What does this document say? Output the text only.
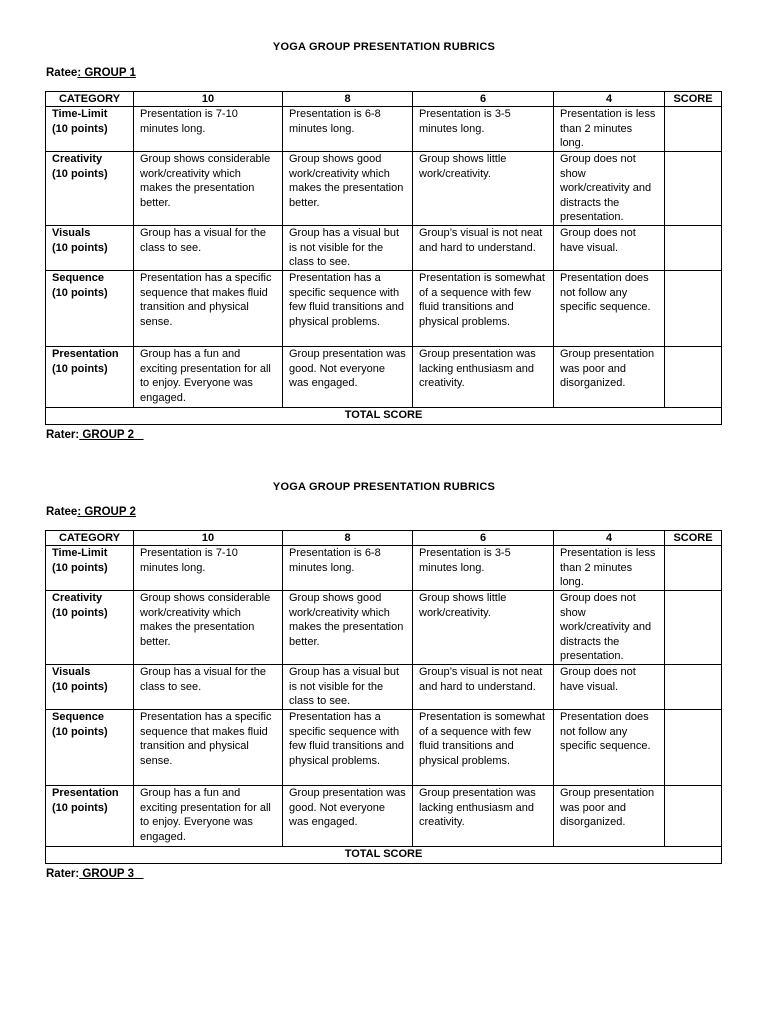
YOGA GROUP PRESENTATION RUBRICS
Ratee: GROUP 1
CATEGORY	10	8	6	4	SCORE
Time-Limit
(10 points)	Presentation is 7-10 minutes long.	Presentation is 6-8 minutes long.	Presentation is 3-5 minutes long.	Presentation is less than 2 minutes long.	
Creativity
(10 points)	Group shows considerable work/creativity which makes the presentation better.	Group shows good work/creativity which makes the presentation better.	Group shows little work/creativity.	Group does not show work/creativity and distracts the presentation.	
Visuals
(10 points)	Group has a visual for the class to see.	Group has a visual but is not visible for the class to see.	Group’s visual is not neat and hard to understand.	Group does not have visual.	
Sequence
(10 points)	Presentation has a specific sequence that makes fluid transition and physical sense.	Presentation has a specific sequence with few fluid transitions and physical problems.	Presentation is somewhat of a sequence with few fluid transitions and physical problems.	Presentation does not follow any specific sequence.	
Presentation
(10 points)	Group has a fun and exciting presentation for all to enjoy. Everyone was engaged.	Group presentation was good. Not everyone was engaged.	Group presentation was lacking enthusiasm and creativity.	Group presentation was poor and disorganized.	
TOTAL SCORE					
Rater: GROUP 2
YOGA GROUP PRESENTATION RUBRICS
Ratee: GROUP 2
CATEGORY	10	8	6	4	SCORE
Time-Limit
(10 points)	Presentation is 7-10 minutes long.	Presentation is 6-8 minutes long.	Presentation is 3-5 minutes long.	Presentation is less than 2 minutes long.	
Creativity
(10 points)	Group shows considerable work/creativity which makes the presentation better.	Group shows good work/creativity which makes the presentation better.	Group shows little work/creativity.	Group does not show work/creativity and distracts the presentation.	
Visuals
(10 points)	Group has a visual for the class to see.	Group has a visual but is not visible for the class to see.	Group’s visual is not neat and hard to understand.	Group does not have visual.	
Sequence
(10 points)	Presentation has a specific sequence that makes fluid transition and physical sense.	Presentation has a specific sequence with few fluid transitions and physical problems.	Presentation is somewhat of a sequence with few fluid transitions and physical problems.	Presentation does not follow any specific sequence.	
Presentation
(10 points)	Group has a fun and exciting presentation for all to enjoy. Everyone was engaged.	Group presentation was good. Not everyone was engaged.	Group presentation was lacking enthusiasm and creativity.	Group presentation was poor and disorganized.	
TOTAL SCORE					
Rater: GROUP 3
